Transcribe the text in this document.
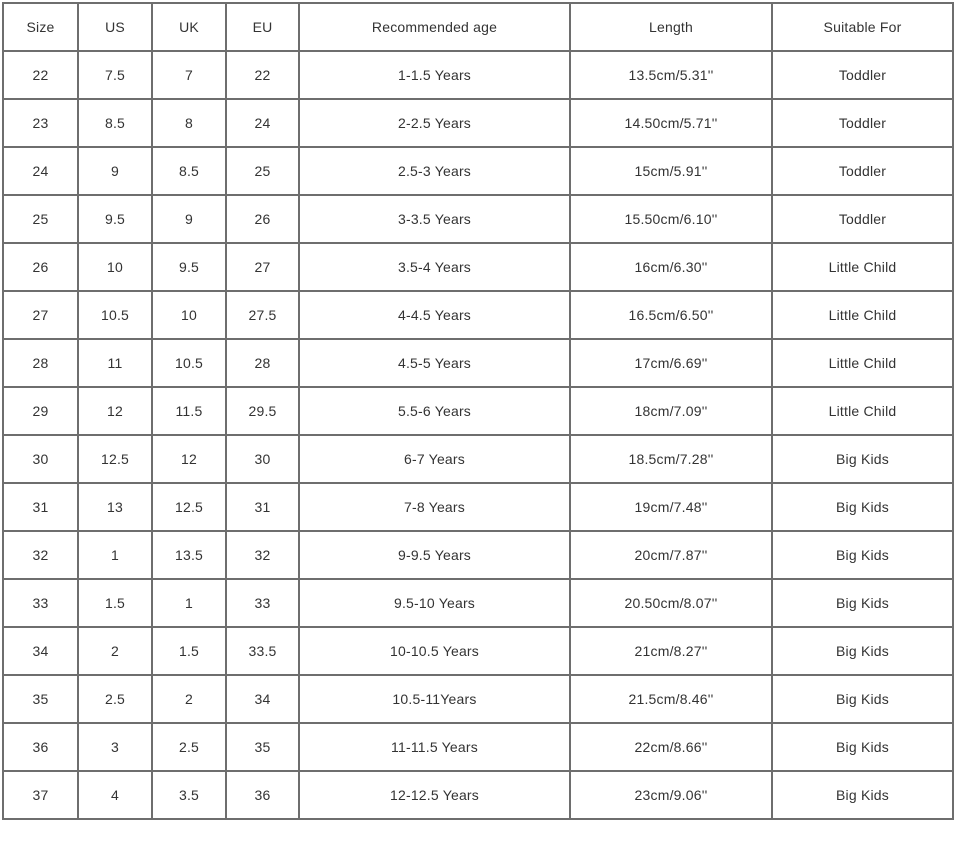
Size	US	UK	EU	Recommended age	Length	Suitable For
22	7.5	7	22	1-1.5 Years	13.5cm/5.31''	Toddler
23	8.5	8	24	2-2.5 Years	14.50cm/5.71''	Toddler
24	9	8.5	25	2.5-3 Years	15cm/5.91''	Toddler
25	9.5	9	26	3-3.5 Years	15.50cm/6.10''	Toddler
26	10	9.5	27	3.5-4 Years	16cm/6.30''	Little Child
27	10.5	10	27.5	4-4.5 Years	16.5cm/6.50''	Little Child
28	11	10.5	28	4.5-5 Years	17cm/6.69''	Little Child
29	12	11.5	29.5	5.5-6 Years	18cm/7.09''	Little Child
30	12.5	12	30	6-7 Years	18.5cm/7.28''	Big Kids
31	13	12.5	31	7-8 Years	19cm/7.48''	Big Kids
32	1	13.5	32	9-9.5 Years	20cm/7.87''	Big Kids
33	1.5	1	33	9.5-10 Years	20.50cm/8.07''	Big Kids
34	2	1.5	33.5	10-10.5 Years	21cm/8.27''	Big Kids
35	2.5	2	34	10.5-11Years	21.5cm/8.46''	Big Kids
36	3	2.5	35	11-11.5 Years	22cm/8.66''	Big Kids
37	4	3.5	36	12-12.5 Years	23cm/9.06''	Big Kids
